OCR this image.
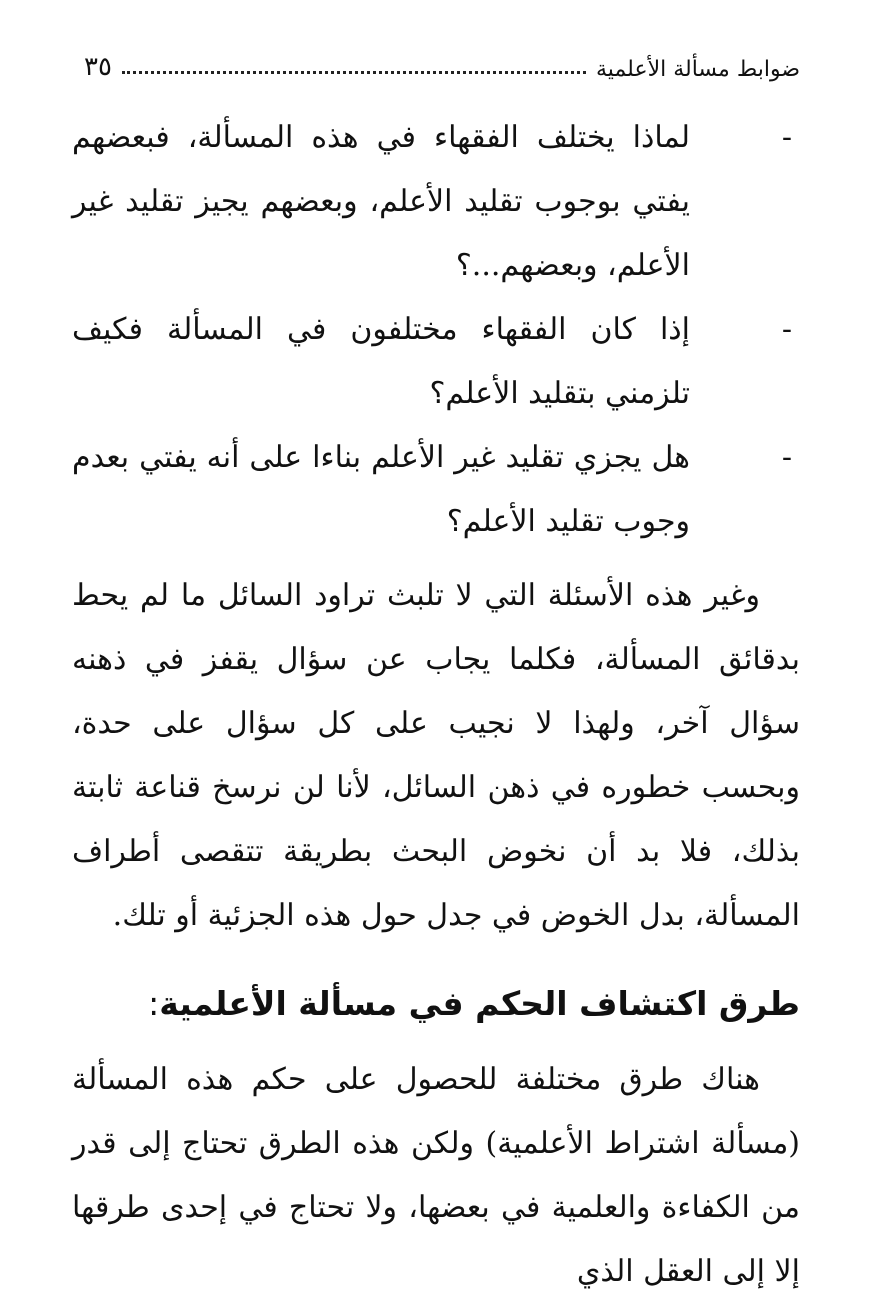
ضوابط مسألة الأعلمية
٣٥
-
لماذا يختلف الفقهاء في هذه المسألة، فبعضهم يفتي بوجوب تقليد الأعلم، وبعضهم يجيز تقليد غير الأعلم، وبعضهم...؟
-
إذا كان الفقهاء مختلفون في المسألة فكيف تلزمني بتقليد الأعلم؟
-
هل يجزي تقليد غير الأعلم بناءا على أنه يفتي بعدم وجوب تقليد الأعلم؟

وغير هذه الأسئلة التي لا تلبث تراود السائل ما لم يحط بدقائق المسألة، فكلما يجاب عن سؤال يقفز في ذهنه سؤال آخر، ولهذا لا نجيب على كل سؤال على حدة، وبحسب خطوره في ذهن السائل، لأنا لن نرسخ قناعة ثابتة بذلك، فلا بد أن نخوض البحث بطريقة تتقصى أطراف المسألة، بدل الخوض في جدل حول هذه الجزئية أو تلك.

طرق اكتشاف الحكم في مسألة الأعلمية:

هناك طرق مختلفة للحصول على حكم هذه المسألة (مسألة اشتراط الأعلمية) ولكن هذه الطرق تحتاج إلى قدر من الكفاءة والعلمية في بعضها، ولا تحتاج في إحدى طرقها إلا إلى العقل الذي
